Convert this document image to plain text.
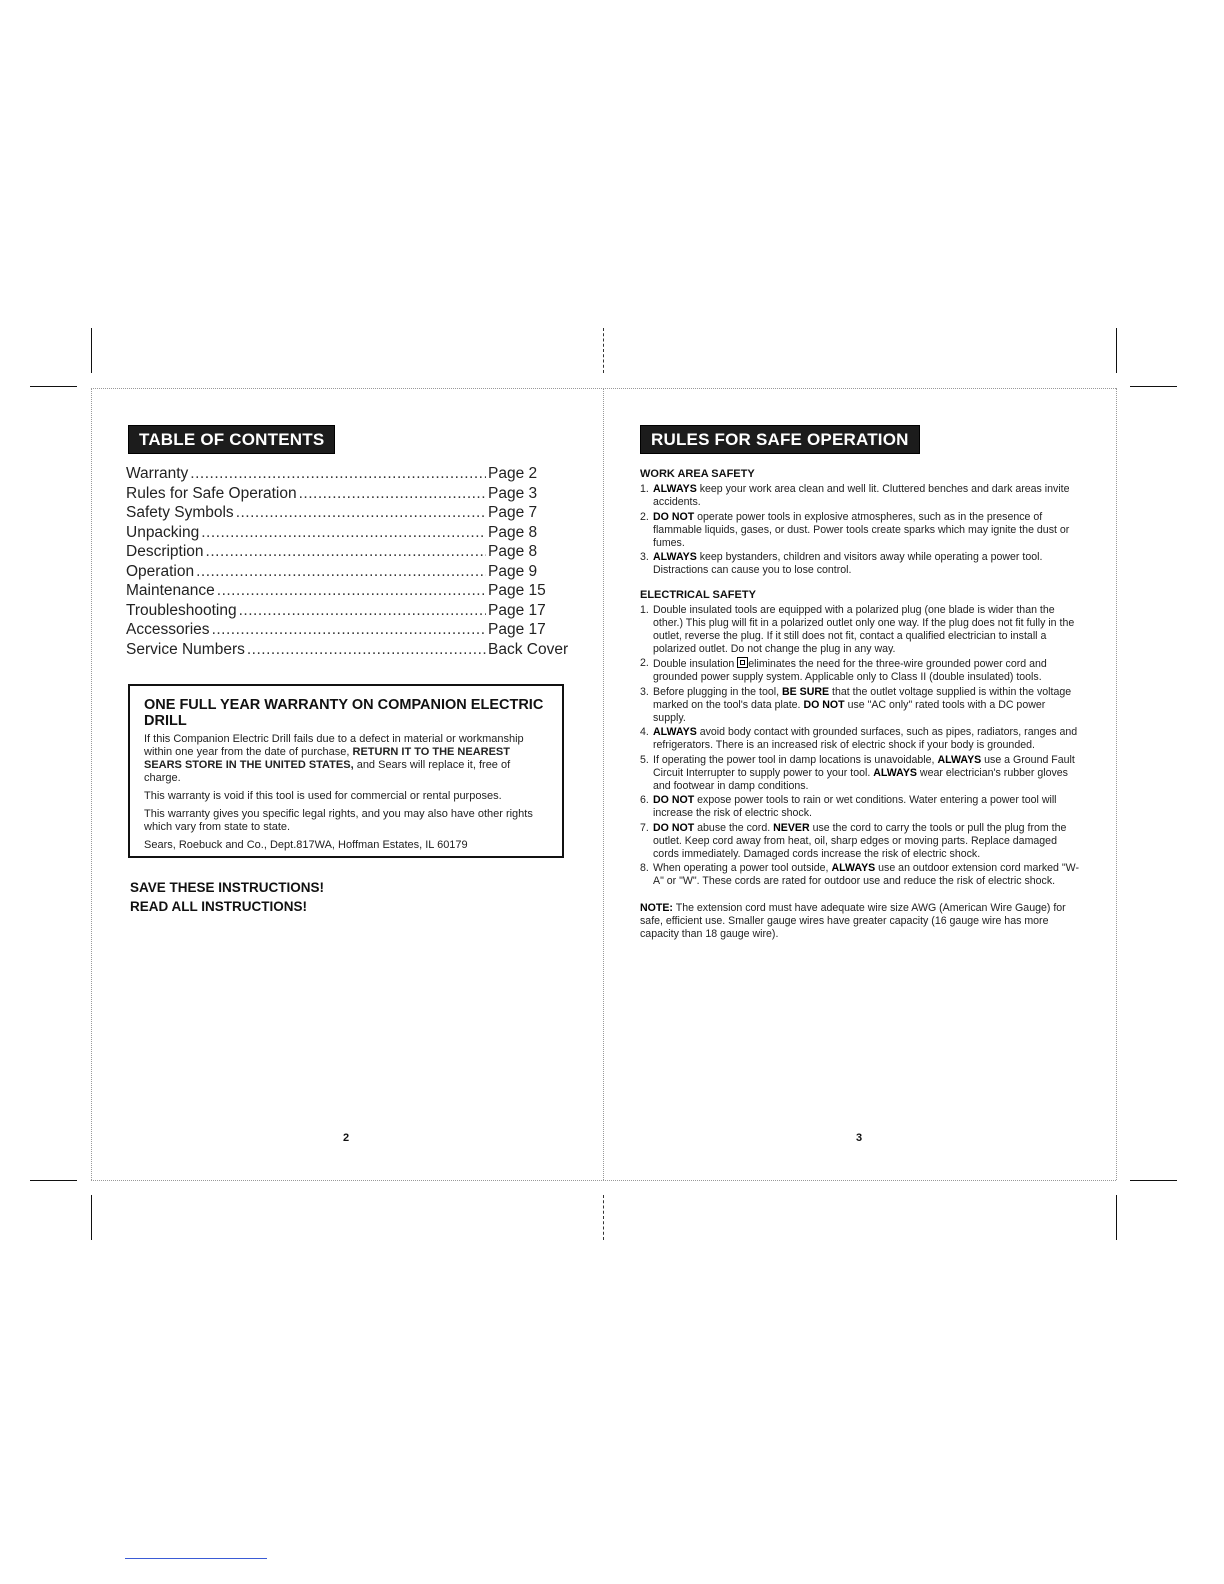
TABLE OF CONTENTS
Warranty .....	Page 2
Rules for Safe Operation .....	Page 3
Safety Symbols .....	Page 7
Unpacking .....	Page 8
Description .....	Page 8
Operation .....	Page 9
Maintenance .....	Page 15
Troubleshooting .....	Page 17
Accessories .....	Page 17
Service Numbers .....	Back Cover
ONE FULL YEAR WARRANTY ON COMPANION ELECTRIC DRILL

If this Companion Electric Drill fails due to a defect in material or workmanship within one year from the date of purchase, RETURN IT TO THE NEAREST SEARS STORE IN THE UNITED STATES, and Sears will replace it, free of charge.

This warranty is void if this tool is used for commercial or rental purposes.

This warranty gives you specific legal rights, and you may also have other rights which vary from state to state.

Sears, Roebuck and Co., Dept.817WA, Hoffman Estates, IL 60179

SAVE THESE INSTRUCTIONS!
READ ALL INSTRUCTIONS!
2
RULES FOR SAFE OPERATION
WORK AREA SAFETY
1. ALWAYS keep your work area clean and well lit. Cluttered benches and dark areas invite accidents.
2. DO NOT operate power tools in explosive atmospheres, such as in the presence of flammable liquids, gases, or dust. Power tools create sparks which may ignite the dust or fumes.
3. ALWAYS keep bystanders, children and visitors away while operating a power tool. Distractions can cause you to lose control.
ELECTRICAL SAFETY
1. Double insulated tools are equipped with a polarized plug (one blade is wider than the other.) This plug will fit in a polarized outlet only one way. If the plug does not fit fully in the outlet, reverse the plug. If it still does not fit, contact a qualified electrician to install a polarized outlet. Do not change the plug in any way.
2. Double insulation eliminates the need for the three-wire grounded power cord and grounded power supply system. Applicable only to Class II (double insulated) tools.
3. Before plugging in the tool, BE SURE that the outlet voltage supplied is within the voltage marked on the tool's data plate. DO NOT use "AC only" rated tools with a DC power supply.
4. ALWAYS avoid body contact with grounded surfaces, such as pipes, radiators, ranges and refrigerators. There is an increased risk of electric shock if your body is grounded.
5. If operating the power tool in damp locations is unavoidable, ALWAYS use a Ground Fault Circuit Interrupter to supply power to your tool. ALWAYS wear electrician's rubber gloves and footwear in damp conditions.
6. DO NOT expose power tools to rain or wet conditions. Water entering a power tool will increase the risk of electric shock.
7. DO NOT abuse the cord. NEVER use the cord to carry the tools or pull the plug from the outlet. Keep cord away from heat, oil, sharp edges or moving parts. Replace damaged cords immediately. Damaged cords increase the risk of electric shock.
8. When operating a power tool outside, ALWAYS use an outdoor extension cord marked "W-A" or "W". These cords are rated for outdoor use and reduce the risk of electric shock.
NOTE: The extension cord must have adequate wire size AWG (American Wire Gauge) for safe, efficient use. Smaller gauge wires have greater capacity (16 gauge wire has more capacity than 18 gauge wire).
3
